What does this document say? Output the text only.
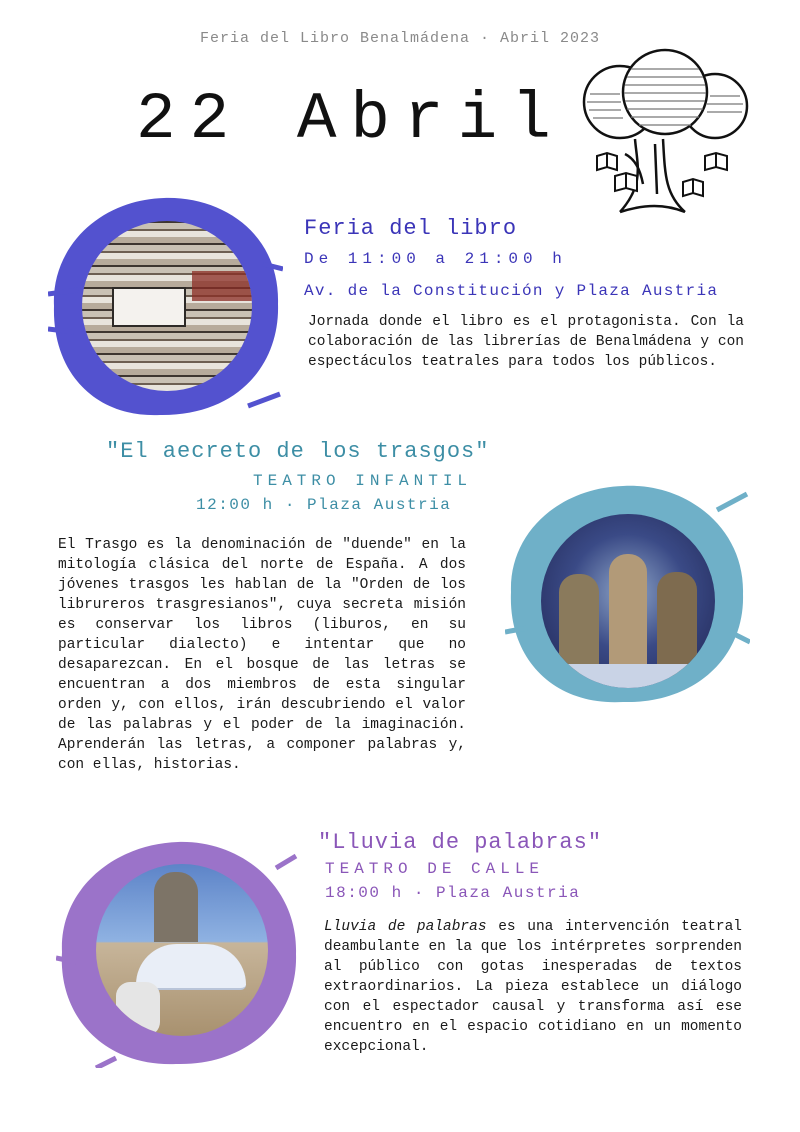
Feria del Libro Benalmádena · Abril 2023
22 Abril
Feria del libro
De 11:00 a 21:00 h
Av. de la Constitución y Plaza Austria
Jornada donde el libro es el protagonista. Con la colaboración de las librerías de Benalmádena y con espectáculos teatrales para todos los públicos.
"El aecreto de los trasgos"
TEATRO INFANTIL
12:00 h · Plaza Austria
El Trasgo es la denominación de "duende" en la mitología clásica del norte de España. A dos jóvenes trasgos les hablan de la "Orden de los librureros trasgresianos", cuya secreta misión es conservar los libros (liburos, en su particular dialecto) e intentar que no desaparezcan. En el bosque de las letras se encuentran a dos miembros de esta singular orden y, con ellos, irán descubriendo el valor de las palabras y el poder de la imaginación. Aprenderán las letras, a componer palabras y, con ellas, historias.
"Lluvia de palabras"
TEATRO DE CALLE
18:00 h · Plaza Austria
Lluvia de palabras es una intervención teatral deambulante en la que los intérpretes sorprenden al público con gotas inesperadas de textos extraordinarios. La pieza establece un diálogo con el espectador causal y transforma así ese encuentro en el espacio cotidiano en un momento excepcional.
